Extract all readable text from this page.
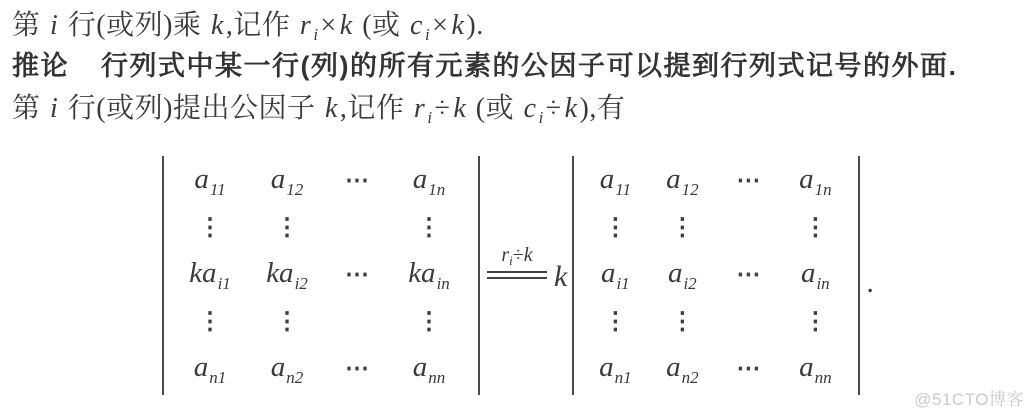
第 i 行(或列)乘 k,记作 r $_i$× k (或 c $_i$× k).
推论 行列式中某一行(列)的所有元素的公因子可以提到行列式记号的外面.
第 i 行(或列)提出公因子 k,记作 r $_i$÷ k (或 c $_i$÷ k),有
$a_{11}$ $a_{12}$ ⋯ $a_{1n}$
⋮ ⋮	⋮
$ka_{i1}$ $ka_{i2}$ ⋯ $ka_{in}$
⋮ ⋮	⋮
$a_{n1}$ $a_{n2}$ ⋯ $a_{nn}$
$r_i\div k$
k
$a_{11}$ $a_{12}$ ⋯ $a_{1n}$
⋮ ⋮	⋮
$a_{i1}$ $a_{i2}$ ⋯ $a_{in}$
⋮ ⋮	⋮
$a_{n1}$ $a_{n2}$ ⋯ $a_{nn}$
.
@51CTO博客
